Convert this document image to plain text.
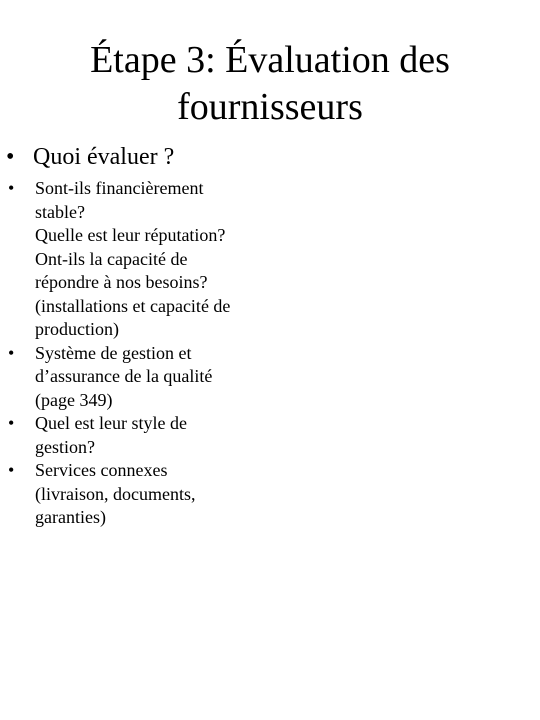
Étape 3: Évaluation des
fournisseurs
• Quoi évaluer ?
• Sont-ils financièrement
stable?
Quelle est leur réputation?
Ont-ils la capacité de
répondre à nos besoins?
(installations et capacité de
production)
• Système de gestion et
d’assurance de la qualité
(page 349)
• Quel est leur style de
gestion?
• Services connexes
(livraison, documents,
garanties)
